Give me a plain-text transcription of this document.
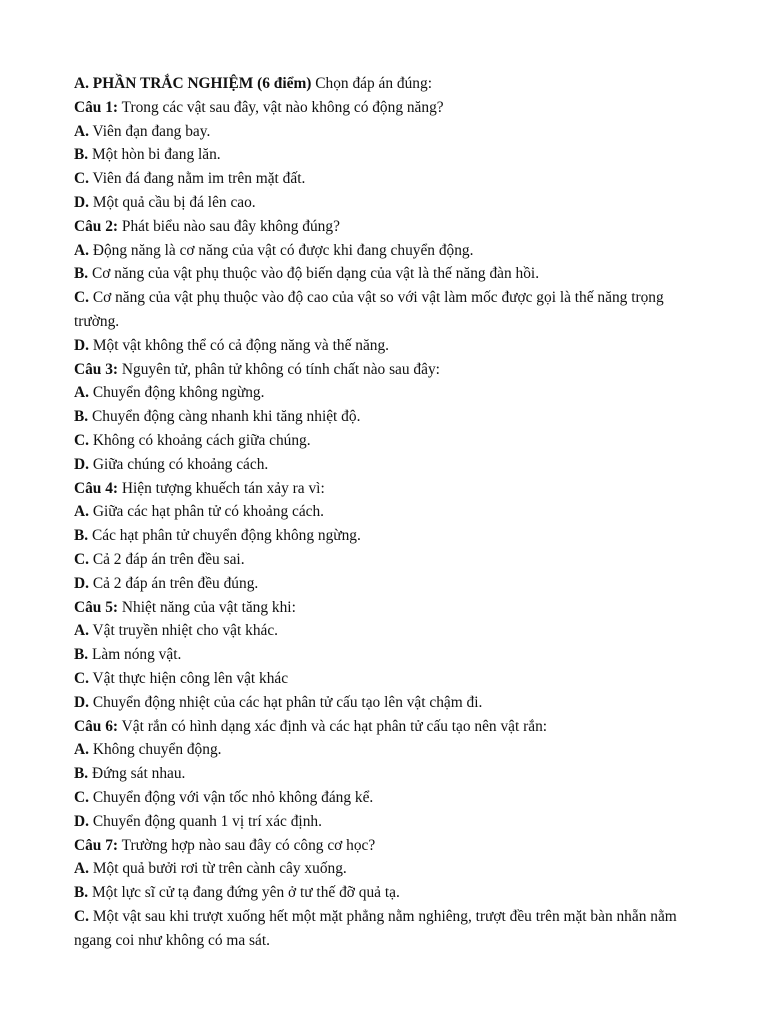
A. PHẦN TRẮC NGHIỆM (6 điểm) Chọn đáp án đúng:

Câu 1: Trong các vật sau đây, vật nào không có động năng?

A. Viên đạn đang bay.

B. Một hòn bi đang lăn.

C. Viên đá đang nằm im trên mặt đất.

D. Một quả cầu bị đá lên cao.

Câu 2: Phát biểu nào sau đây không đúng?

A. Động năng là cơ năng của vật có được khi đang chuyển động.

B. Cơ năng của vật phụ thuộc vào độ biến dạng của vật là thế năng đàn hồi.

C. Cơ năng của vật phụ thuộc vào độ cao của vật so với vật làm mốc được gọi là thế năng trọng trường.

D. Một vật không thể có cả động năng và thế năng.

Câu 3: Nguyên tử, phân tử không có tính chất nào sau đây:

A. Chuyển động không ngừng.

B. Chuyển động càng nhanh khi tăng nhiệt độ.

C. Không có khoảng cách giữa chúng.

D. Giữa chúng có khoảng cách.

Câu 4: Hiện tượng khuếch tán xảy ra vì:

A. Giữa các hạt phân tử có khoảng cách.

B. Các hạt phân tử chuyển động không ngừng.

C. Cả 2 đáp án trên đều sai.

D. Cả 2 đáp án trên đều đúng.

Câu 5: Nhiệt năng của vật tăng khi:

A. Vật truyền nhiệt cho vật khác.

B. Làm nóng vật.

C. Vật thực hiện công lên vật khác

D. Chuyển động nhiệt của các hạt phân tử cấu tạo lên vật chậm đi.

Câu 6: Vật rắn có hình dạng xác định và các hạt phân tử cấu tạo nên vật rắn:

A. Không chuyển động.

B. Đứng sát nhau.

C. Chuyển động với vận tốc nhỏ không đáng kể.

D. Chuyển động quanh 1 vị trí xác định.

Câu 7: Trường hợp nào sau đây có công cơ học?

A. Một quả bưởi rơi từ trên cành cây xuống.

B. Một lực sĩ cử tạ đang đứng yên ở tư thế đỡ quả tạ.

C. Một vật sau khi trượt xuống hết một mặt phẳng nằm nghiêng, trượt đều trên mặt bàn nhẵn nằm ngang coi như không có ma sát.
